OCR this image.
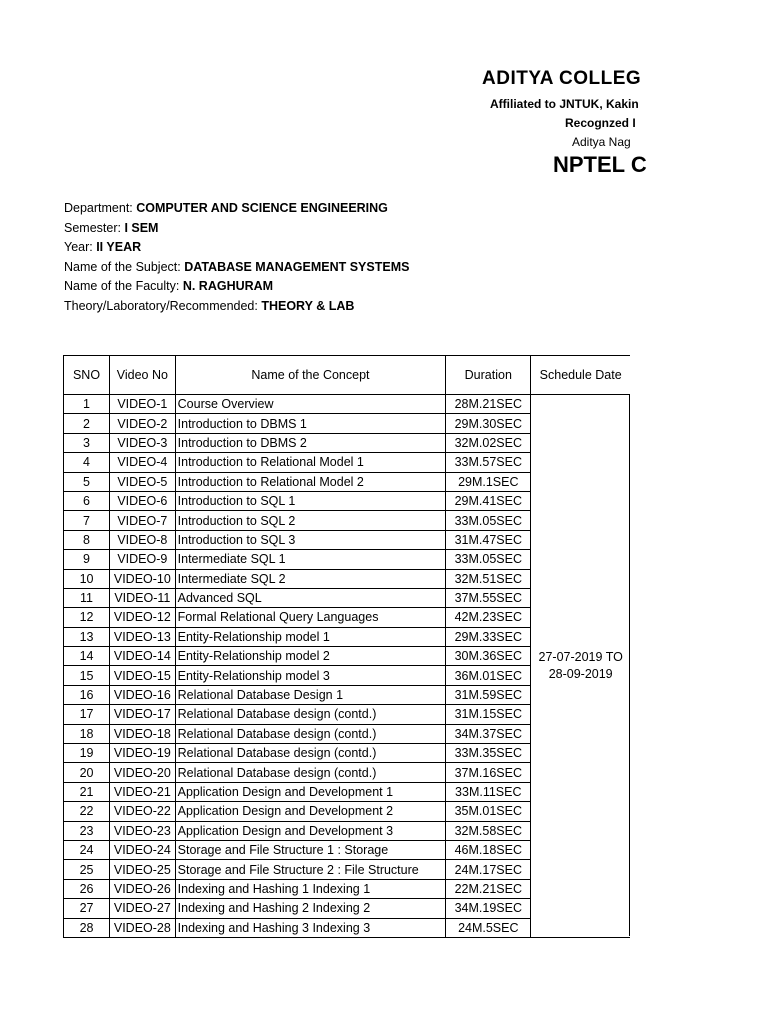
ADITYA COLLEG
Affiliated to JNTUK, Kakin
Recognzed I
Aditya Nag
NPTEL C
Department: COMPUTER AND SCIENCE ENGINEERING
Semester: I SEM
Year: II YEAR
Name of the Subject: DATABASE MANAGEMENT SYSTEMS
Name of the Faculty: N. RAGHURAM
Theory/Laboratory/Recommended: THEORY & LAB
SNO	Video No	Name of the Concept	Duration	Schedule Date
1	VIDEO-1	Course Overview	28M.21SEC	27-07-2019 TO 28-09-2019
2	VIDEO-2	Introduction to DBMS 1	29M.30SEC	
3	VIDEO-3	Introduction to DBMS 2	32M.02SEC	
4	VIDEO-4	Introduction to Relational Model 1	33M.57SEC	
5	VIDEO-5	Introduction to Relational Model 2	29M.1SEC	
6	VIDEO-6	Introduction to SQL 1	29M.41SEC	
7	VIDEO-7	Introduction to SQL 2	33M.05SEC	
8	VIDEO-8	Introduction to SQL 3	31M.47SEC	
9	VIDEO-9	Intermediate SQL 1	33M.05SEC	
10	VIDEO-10	Intermediate SQL 2	32M.51SEC	
11	VIDEO-11	Advanced SQL	37M.55SEC	
12	VIDEO-12	Formal Relational Query Languages	42M.23SEC	
13	VIDEO-13	Entity-Relationship model 1	29M.33SEC	
14	VIDEO-14	Entity-Relationship model 2	30M.36SEC	
15	VIDEO-15	Entity-Relationship model 3	36M.01SEC	
16	VIDEO-16	Relational Database Design 1	31M.59SEC	
17	VIDEO-17	Relational Database design (contd.)	31M.15SEC	
18	VIDEO-18	Relational Database design (contd.)	34M.37SEC	
19	VIDEO-19	Relational Database design (contd.)	33M.35SEC	
20	VIDEO-20	Relational Database design (contd.)	37M.16SEC	
21	VIDEO-21	Application Design and Development 1	33M.11SEC	
22	VIDEO-22	Application Design and Development 2	35M.01SEC	
23	VIDEO-23	Application Design and Development 3	32M.58SEC	
24	VIDEO-24	Storage and File Structure 1 : Storage	46M.18SEC	
25	VIDEO-25	Storage and File Structure 2 : File Structure	24M.17SEC	
26	VIDEO-26	Indexing and Hashing 1 Indexing 1	22M.21SEC	
27	VIDEO-27	Indexing and Hashing 2 Indexing 2	34M.19SEC	
28	VIDEO-28	Indexing and Hashing 3 Indexing 3	24M.5SEC	
